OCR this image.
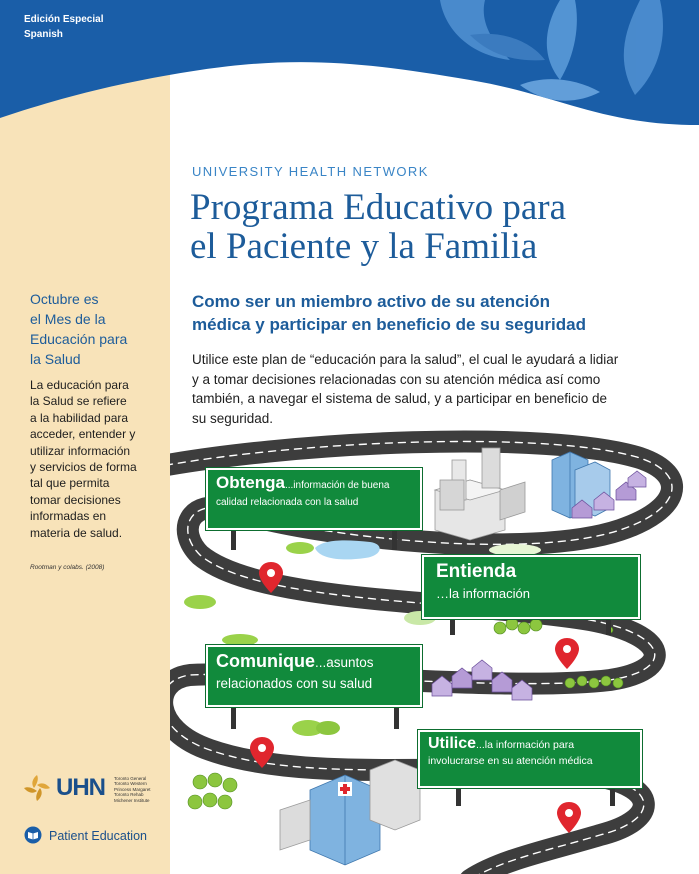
Edición Especial
Spanish
Octubre es
el Mes de la
Educación para
la Salud
La educación para
la Salud se refiere
a la habilidad para
acceder, entender y
utilizar información
y servicios de forma
tal que permita
tomar decisiones
informadas en
materia de salud.
Rootman y colabs. (2008)
UHN Toronto General
Toronto Western
Princess Margaret
Toronto Rehab
Michener Institute
Patient Education
UNIVERSITY HEALTH NETWORK
Programa Educativo para
el Paciente y la Familia
Como ser un miembro activo de su atención
médica y participar en beneficio de su seguridad
Utilice este plan de “educación para la salud”, el cual le ayudará a lidiar
y a tomar decisiones relacionadas con su atención médica así como
también, a navegar el sistema de salud, y a participar en beneficio de
su seguridad.
Obtenga...información de buena
calidad relacionada con la salud
Entienda
…la información
Comunique...asuntos
relacionados con su salud
Utilice...la información para
involucrarse en su atención médica
